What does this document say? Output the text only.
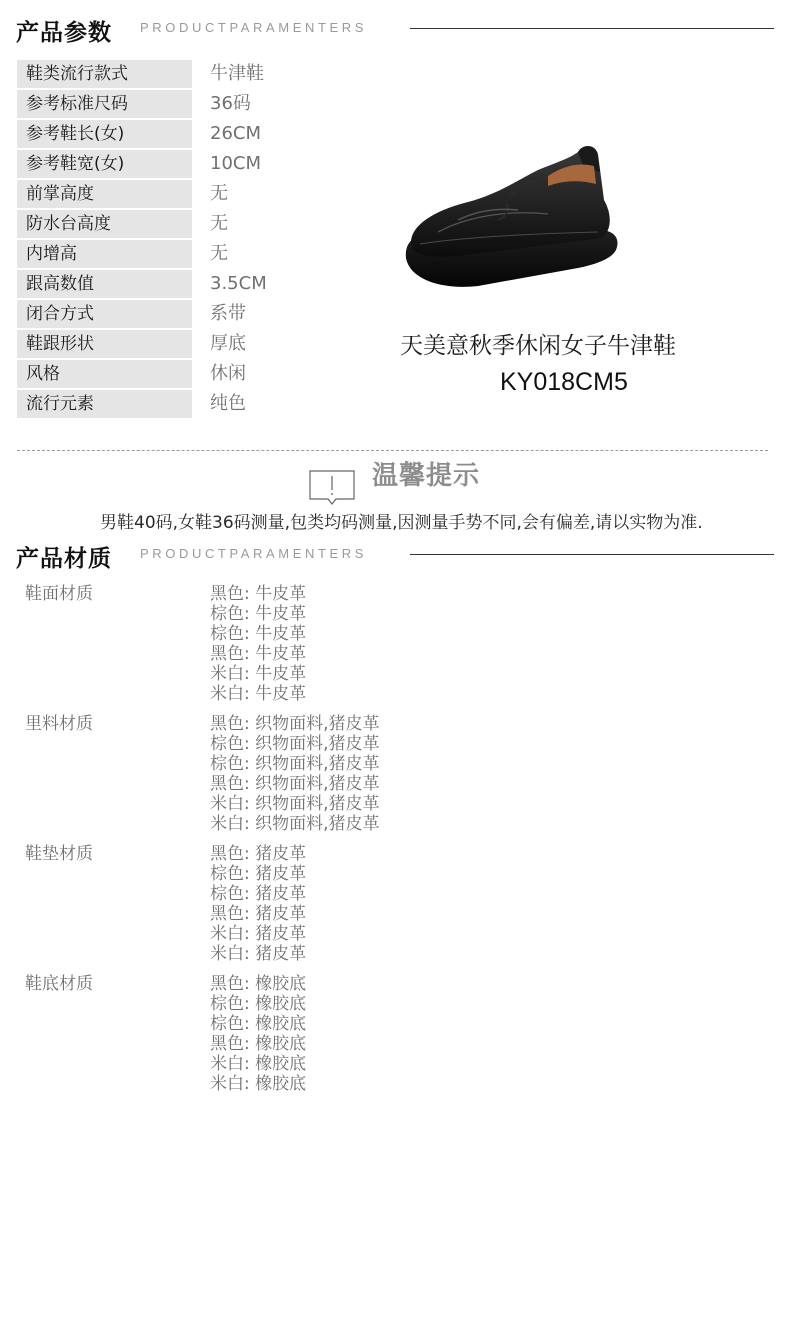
产品参数 PRODUCTPARAMENTERS
鞋类流行款式	牛津鞋
参考标准尺码	36码
参考鞋长(女)	26CM
参考鞋宽(女)	10CM
前掌高度	无
防水台高度	无
内增高	无
跟高数值	3.5CM
闭合方式	系带
鞋跟形状	厚底
风格	休闲
流行元素	纯色
天美意秋季休闲女子牛津鞋
KY018CM5
温馨提示
男鞋40码,女鞋36码测量,包类均码测量,因测量手势不同,会有偏差,请以实物为准.
产品材质 PRODUCTPARAMENTERS
鞋面材质	黑色: 牛皮革
棕色: 牛皮革
棕色: 牛皮革
黑色: 牛皮革
米白: 牛皮革
米白: 牛皮革
里料材质	黑色: 织物面料,猪皮革
棕色: 织物面料,猪皮革
棕色: 织物面料,猪皮革
黑色: 织物面料,猪皮革
米白: 织物面料,猪皮革
米白: 织物面料,猪皮革
鞋垫材质	黑色: 猪皮革
棕色: 猪皮革
棕色: 猪皮革
黑色: 猪皮革
米白: 猪皮革
米白: 猪皮革
鞋底材质	黑色: 橡胶底
棕色: 橡胶底
棕色: 橡胶底
黑色: 橡胶底
米白: 橡胶底
米白: 橡胶底
